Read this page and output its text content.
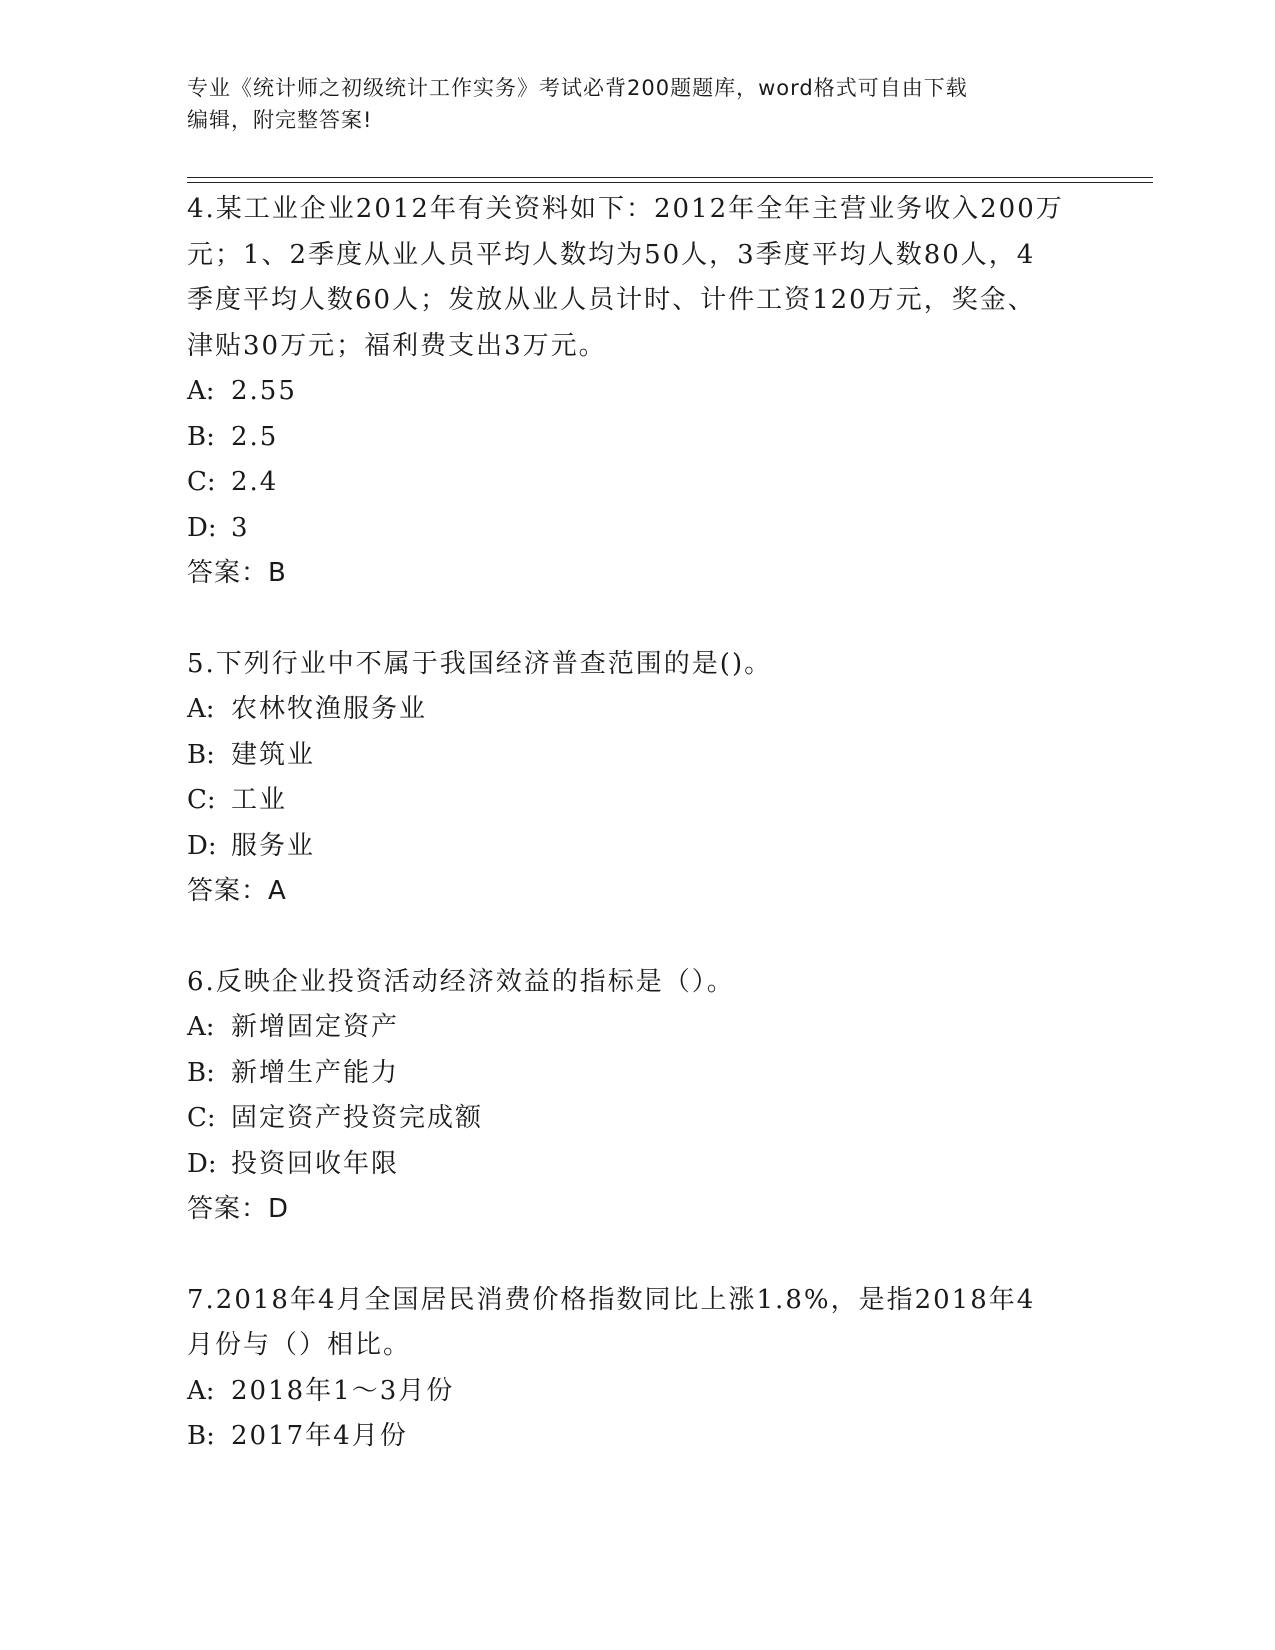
专业《统计师之初级统计工作实务》考试必背200题题库，word格式可自由下载
编辑，附完整答案!
4.某工业企业2012年有关资料如下：2012年全年主营业务收入200万
元；1、2季度从业人员平均人数均为50人，3季度平均人数80人，4
季度平均人数60人；发放从业人员计时、计件工资120万元，奖金、
津贴30万元；福利费支出3万元。
A: 2.55
B: 2.5
C: 2.4
D: 3
答案：B
5.下列行业中不属于我国经济普查范围的是()。
A: 农林牧渔服务业
B: 建筑业
C: 工业
D: 服务业
答案：A
6.反映企业投资活动经济效益的指标是（）。
A: 新增固定资产
B: 新增生产能力
C: 固定资产投资完成额
D: 投资回收年限
答案：D
7.2018年4月全国居民消费价格指数同比上涨1.8%，是指2018年4
月份与（）相比。
A: 2018年1～3月份
B: 2017年4月份
